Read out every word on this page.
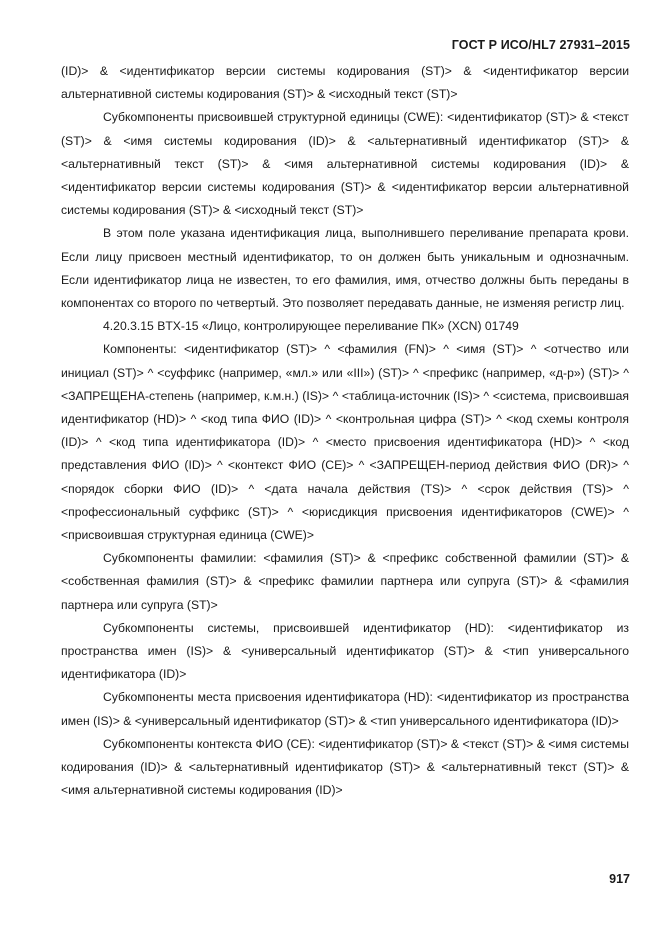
ГОСТ Р ИСО/HL7 27931–2015

(ID)> & <идентификатор версии системы кодирования (ST)> & <идентификатор версии альтернативной системы кодирования (ST)> & <исходный текст (ST)>

Субкомпоненты присвоившей структурной единицы (CWE): <идентификатор (ST)> & <текст (ST)> & <имя системы кодирования (ID)> & <альтернативный идентификатор (ST)> & <альтернативный текст (ST)> & <имя альтернативной системы кодирования (ID)> & <идентификатор версии системы кодирования (ST)> & <идентификатор версии альтернативной системы кодирования (ST)> & <исходный текст (ST)>

В этом поле указана идентификация лица, выполнившего переливание препарата крови. Если лицу присвоен местный идентификатор, то он должен быть уникальным и однозначным. Если идентификатор лица не известен, то его фамилия, имя, отчество должны быть переданы в компонентах со второго по четвертый. Это позволяет передавать данные, не изменяя регистр лиц.

4.20.3.15 BTX-15 «Лицо, контролирующее переливание ПК» (XCN) 01749

Компоненты: <идентификатор (ST)> ^ <фамилия (FN)> ^ <имя (ST)> ^ <отчество или инициал (ST)> ^ <суффикс (например, «мл.» или «III») (ST)> ^ <префикс (например, «д-р») (ST)> ^ <ЗАПРЕЩЕНА-степень (например, к.м.н.) (IS)> ^ <таблица-источник (IS)> ^ <система, присвоившая идентификатор (HD)> ^ <код типа ФИО (ID)> ^ <контрольная цифра (ST)> ^ <код схемы контроля (ID)> ^ <код типа идентификатора (ID)> ^ <место присвоения идентификатора (HD)> ^ <код представления ФИО (ID)> ^ <контекст ФИО (CE)> ^ <ЗАПРЕЩЕН-период действия ФИО (DR)> ^ <порядок сборки ФИО (ID)> ^ <дата начала действия (TS)> ^ <срок действия (TS)> ^ <профессиональный суффикс (ST)> ^ <юрисдикция присвоения идентификаторов (CWE)> ^ <присвоившая структурная единица (CWE)>

Субкомпоненты фамилии: <фамилия (ST)> & <префикс собственной фамилии (ST)> & <собственная фамилия (ST)> & <префикс фамилии партнера или супруга (ST)> & <фамилия партнера или супруга (ST)>

Субкомпоненты системы, присвоившей идентификатор (HD): <идентификатор из пространства имен (IS)> & <универсальный идентификатор (ST)> & <тип универсального идентификатора (ID)>

Субкомпоненты места присвоения идентификатора (HD): <идентификатор из пространства имен (IS)> & <универсальный идентификатор (ST)> & <тип универсального идентификатора (ID)>

Субкомпоненты контекста ФИО (CE): <идентификатор (ST)> & <текст (ST)> & <имя системы кодирования (ID)> & <альтернативный идентификатор (ST)> & <альтернативный текст (ST)> & <имя альтернативной системы кодирования (ID)>

917
